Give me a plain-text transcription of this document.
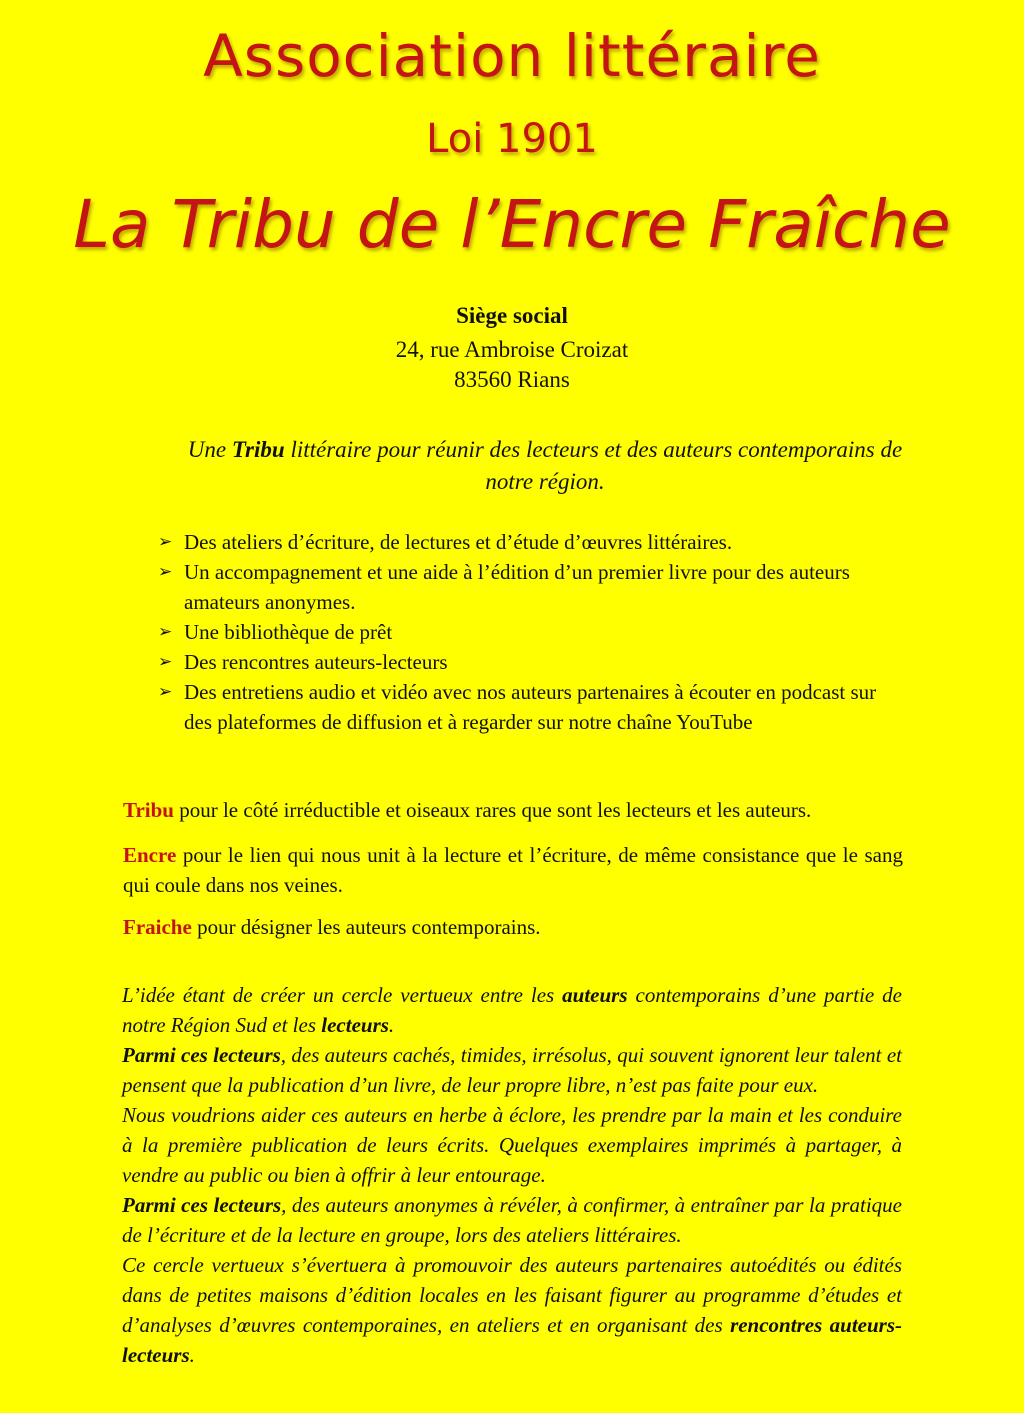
Association littéraire
Loi 1901
La Tribu de l’Encre Fraîche
Siège social
24, rue Ambroise Croizat
83560 Rians
Une Tribu littéraire pour réunir des lecteurs et des auteurs contemporains de notre région.
➢ Des ateliers d’écriture, de lectures et d’étude d’œuvres littéraires.
➢ Un accompagnement et une aide à l’édition d’un premier livre pour des auteurs amateurs anonymes.
➢ Une bibliothèque de prêt
➢ Des rencontres auteurs-lecteurs
➢ Des entretiens audio et vidéo avec nos auteurs partenaires à écouter en podcast sur des plateformes de diffusion et à regarder sur notre chaîne YouTube
Tribu pour le côté irréductible et oiseaux rares que sont les lecteurs et les auteurs.
Encre pour le lien qui nous unit à la lecture et l’écriture, de même consistance que le sang qui coule dans nos veines.
Fraiche pour désigner les auteurs contemporains.

L’idée étant de créer un cercle vertueux entre les auteurs contemporains d’une partie de notre Région Sud et les lecteurs.

Parmi ces lecteurs, des auteurs cachés, timides, irrésolus, qui souvent ignorent leur talent et pensent que la publication d’un livre, de leur propre libre, n’est pas faite pour eux.

Nous voudrions aider ces auteurs en herbe à éclore, les prendre par la main et les conduire à la première publication de leurs écrits. Quelques exemplaires imprimés à partager, à vendre au public ou bien à offrir à leur entourage.

Parmi ces lecteurs, des auteurs anonymes à révéler, à confirmer, à entraîner par la pratique de l’écriture et de la lecture en groupe, lors des ateliers littéraires.

Ce cercle vertueux s’évertuera à promouvoir des auteurs partenaires autoédités ou édités dans de petites maisons d’édition locales en les faisant figurer au programme d’études et d’analyses d’œuvres contemporaines, en ateliers et en organisant des rencontres auteurs-lecteurs.
